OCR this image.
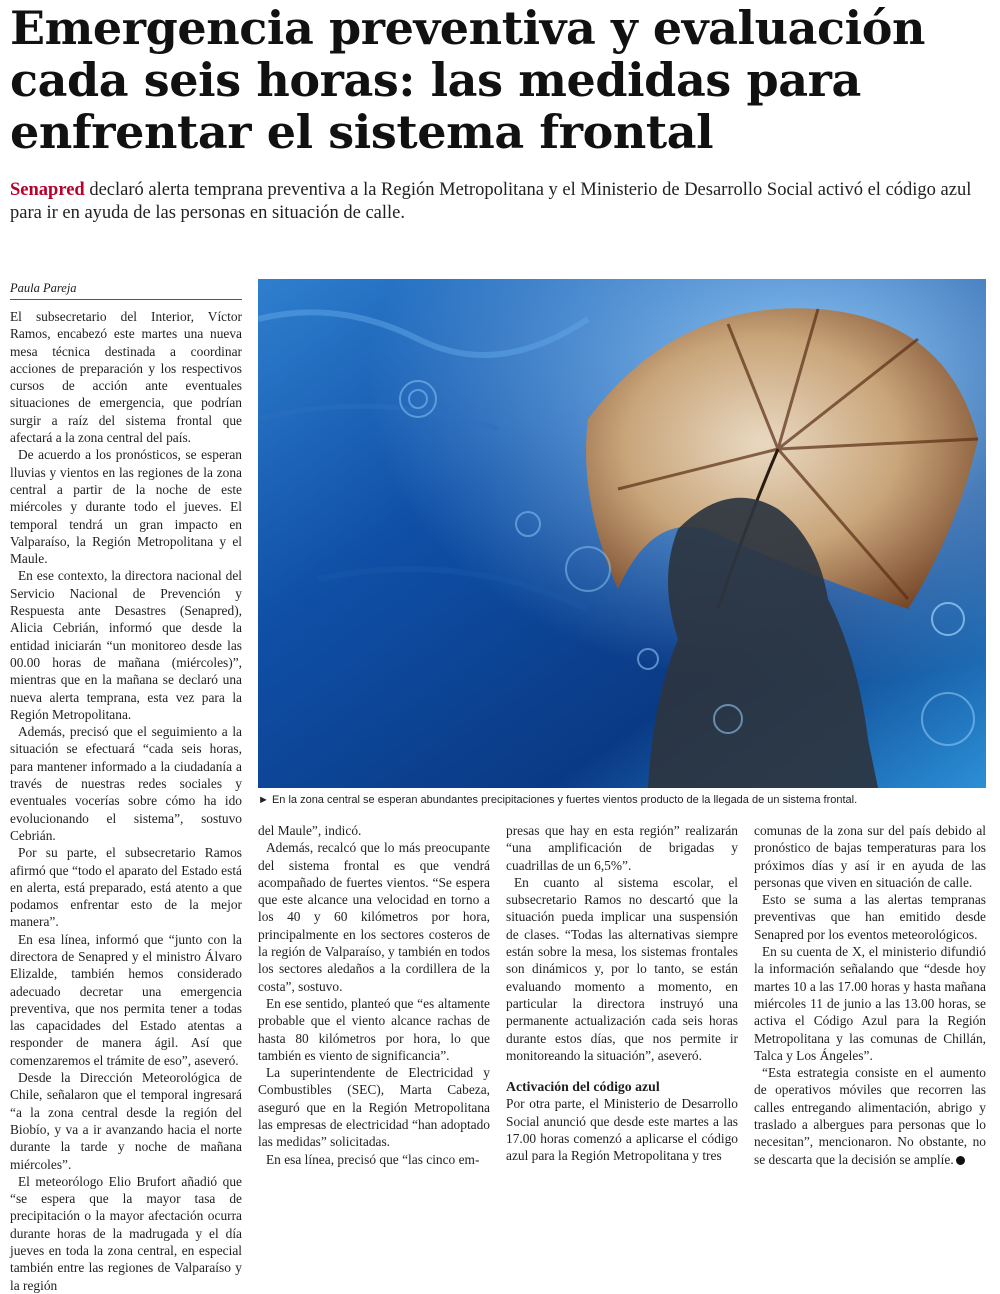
Emergencia preventiva y evaluación cada seis horas: las medidas para enfrentar el sistema frontal

Senapred declaró alerta temprana preventiva a la Región Metropolitana y el Ministerio de Desarrollo Social activó el código azul para ir en ayuda de las personas en situación de calle.

Paula Pareja

El subsecretario del Interior, Víctor Ramos, encabezó este martes una nueva mesa técnica destinada a coordinar acciones de preparación y los respectivos cursos de acción ante eventuales situaciones de emergencia, que podrían surgir a raíz del sistema frontal que afectará a la zona central del país.

De acuerdo a los pronósticos, se esperan lluvias y vientos en las regiones de la zona central a partir de la noche de este miércoles y durante todo el jueves. El temporal tendrá un gran impacto en Valparaíso, la Región Metropolitana y el Maule.

En ese contexto, la directora nacional del Servicio Nacional de Prevención y Respuesta ante Desastres (Senapred), Alicia Cebrián, informó que desde la entidad iniciarán “un monitoreo desde las 00.00 horas de mañana (miércoles)”, mientras que en la mañana se declaró una nueva alerta temprana, esta vez para la Región Metropolitana.

Además, precisó que el seguimiento a la situación se efectuará “cada seis horas, para mantener informado a la ciudadanía a través de nuestras redes sociales y eventuales vocerías sobre cómo ha ido evolucionando el sistema”, sostuvo Cebrián.

Por su parte, el subsecretario Ramos afirmó que “todo el aparato del Estado está en alerta, está preparado, está atento a que podamos enfrentar esto de la mejor manera”.

En esa línea, informó que “junto con la directora de Senapred y el ministro Álvaro Elizalde, también hemos considerado adecuado decretar una emergencia preventiva, que nos permita tener a todas las capacidades del Estado atentas a responder de manera ágil. Así que comenzaremos el trámite de eso”, aseveró.

Desde la Dirección Meteorológica de Chile, señalaron que el temporal ingresará “a la zona central desde la región del Biobío, y va a ir avanzando hacia el norte durante la tarde y noche de mañana miércoles”.

El meteorólogo Elio Brufort añadió que “se espera que la mayor tasa de precipitación o la mayor afectación ocurra durante horas de la madrugada y el día jueves en toda la zona central, en especial también entre las regiones de Valparaíso y la región

► En la zona central se esperan abundantes precipitaciones y fuertes vientos producto de la llegada de un sistema frontal.

del Maule”, indicó.

Además, recalcó que lo más preocupante del sistema frontal es que vendrá acompañado de fuertes vientos. “Se espera que este alcance una velocidad en torno a los 40 y 60 kilómetros por hora, principalmente en los sectores costeros de la región de Valparaíso, y también en todos los sectores aledaños a la cordillera de la costa”, sostuvo.

En ese sentido, planteó que “es altamente probable que el viento alcance rachas de hasta 80 kilómetros por hora, lo que también es viento de significancia”.

La superintendente de Electricidad y Combustibles (SEC), Marta Cabeza, aseguró que en la Región Metropolitana las empresas de electricidad “han adoptado las medidas” solicitadas.

En esa línea, precisó que “las cinco em-

presas que hay en esta región” realizarán “una amplificación de brigadas y cuadrillas de un 6,5%”.

En cuanto al sistema escolar, el subsecretario Ramos no descartó que la situación pueda implicar una suspensión de clases. “Todas las alternativas siempre están sobre la mesa, los sistemas frontales son dinámicos y, por lo tanto, se están evaluando momento a momento, en particular la directora instruyó una permanente actualización cada seis horas durante estos días, que nos permite ir monitoreando la situación”, aseveró.

Activación del código azul

Por otra parte, el Ministerio de Desarrollo Social anunció que desde este martes a las 17.00 horas comenzó a aplicarse el código azul para la Región Metropolitana y tres

comunas de la zona sur del país debido al pronóstico de bajas temperaturas para los próximos días y así ir en ayuda de las personas que viven en situación de calle.

Esto se suma a las alertas tempranas preventivas que han emitido desde Senapred por los eventos meteorológicos.

En su cuenta de X, el ministerio difundió la información señalando que “desde hoy martes 10 a las 17.00 horas y hasta mañana miércoles 11 de junio a las 13.00 horas, se activa el Código Azul para la Región Metropolitana y las comunas de Chillán, Talca y Los Ángeles”.

“Esta estrategia consiste en el aumento de operativos móviles que recorren las calles entregando alimentación, abrigo y traslado a albergues para personas que lo necesitan”, mencionaron. No obstante, no se descarta que la decisión se amplíe.
